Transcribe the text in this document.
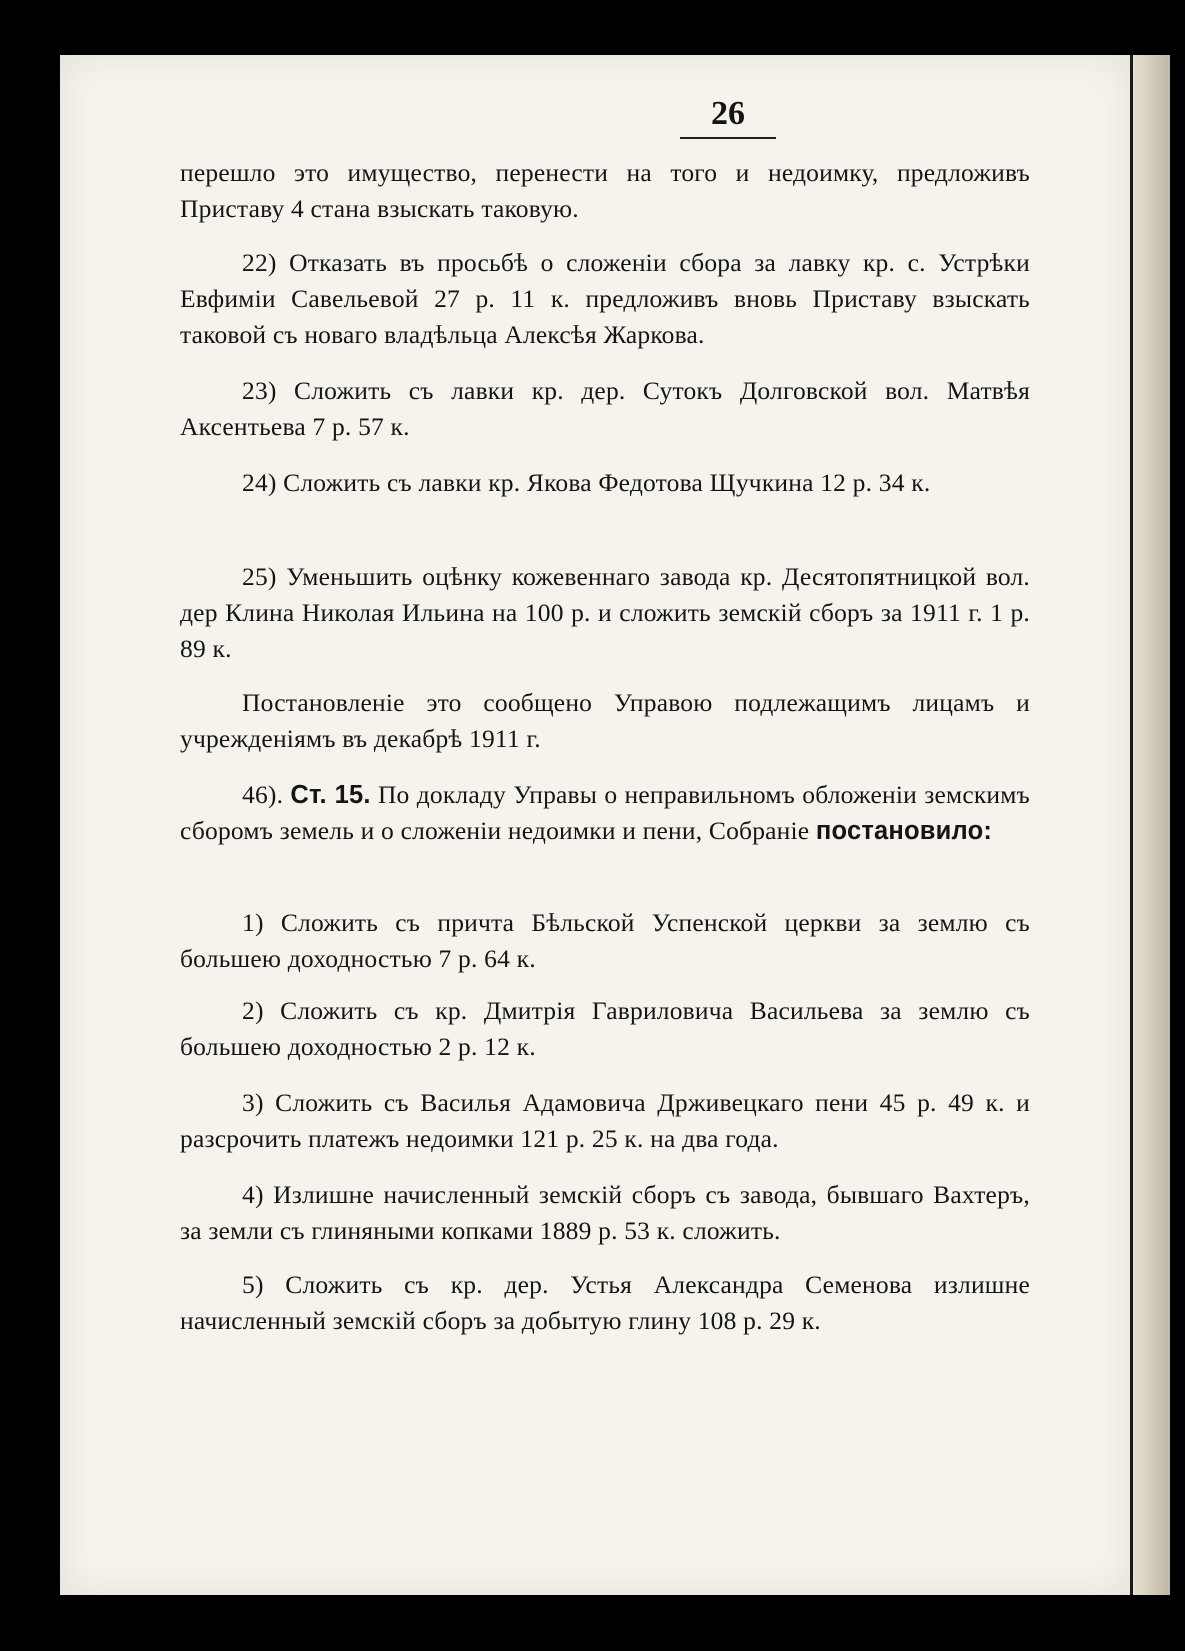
26
перешло это имущество, перенести на того и недоимку, предложивъ Приставу 4 стана взыскать таковую.
22) Отказать въ просьбѣ о сложеніи сбора за лавку кр. с. Устрѣки Евфиміи Савельевой 27 р. 11 к. предложивъ вновь Приставу взыскать таковой съ новаго владѣльца Алексѣя Жаркова.
23) Сложить съ лавки кр. дер. Сутокъ Долговской вол. Матвѣя Аксентьева 7 р. 57 к.
24) Сложить съ лавки кр. Якова Федотова Щучкина 12 р. 34 к.
25) Уменьшить оцѣнку кожевеннаго завода кр. Десятопятницкой вол. дер Клина Николая Ильина на 100 р. и сложить земскій сборъ за 1911 г. 1 р. 89 к.
Постановленіе это сообщено Управою подлежащимъ лицамъ и учрежденіямъ въ декабрѣ 1911 г.
46). Ст. 15. По докладу Управы о неправильномъ обложеніи земскимъ сборомъ земель и о сложеніи недоимки и пени, Собраніе постановило:
1) Сложить съ причта Бѣльской Успенской церкви за землю съ большею доходностью 7 р. 64 к.
2) Сложить съ кр. Дмитрія Гавриловича Васильева за землю съ большею доходностью 2 р. 12 к.
3) Сложить съ Василья Адамовича Држивецкаго пени 45 р. 49 к. и разсрочить платежъ недоимки 121 р. 25 к. на два года.
4) Излишне начисленный земскій сборъ съ завода, бывшаго Вахтеръ, за земли съ глиняными копками 1889 р. 53 к. сложить.
5) Сложить съ кр. дер. Устья Александра Семенова излишне начисленный земскій сборъ за добытую глину 108 р. 29 к.
